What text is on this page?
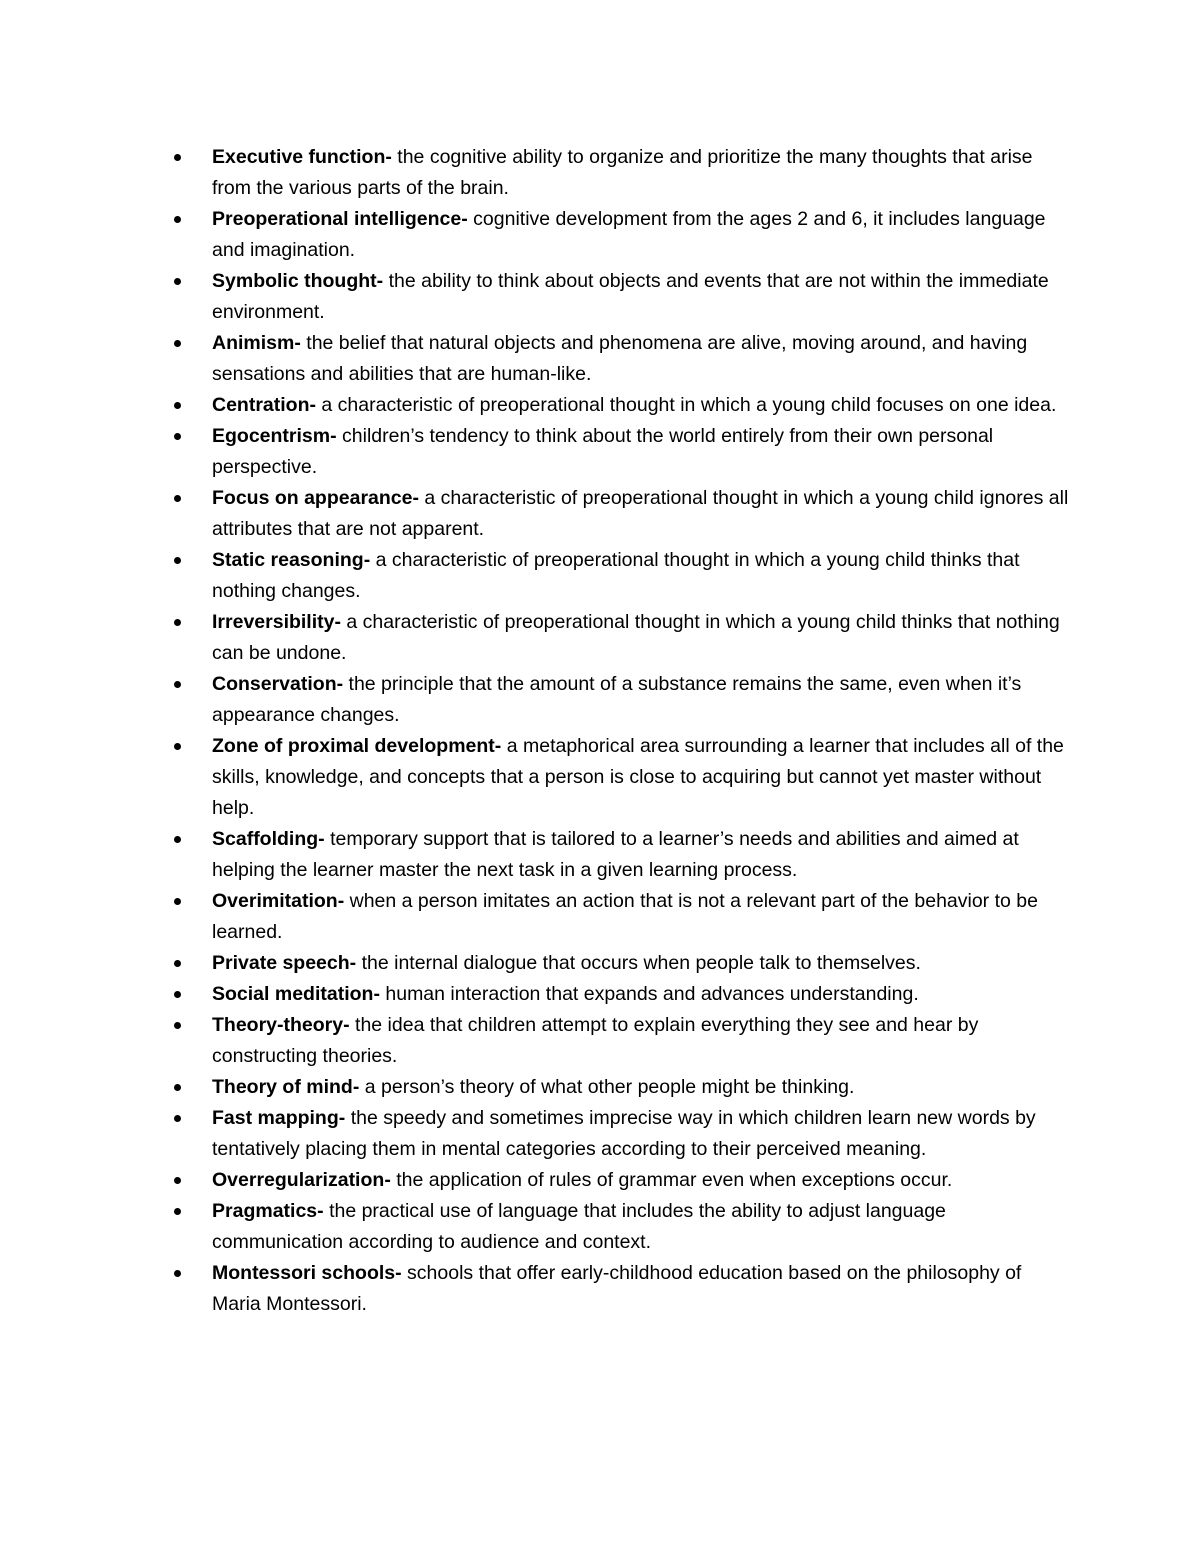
Executive function- the cognitive ability to organize and prioritize the many thoughts that arise from the various parts of the brain.
Preoperational intelligence- cognitive development from the ages 2 and 6, it includes language and imagination.
Symbolic thought- the ability to think about objects and events that are not within the immediate environment.
Animism- the belief that natural objects and phenomena are alive, moving around, and having sensations and abilities that are human-like.
Centration- a characteristic of preoperational thought in which a young child focuses on one idea.
Egocentrism- children’s tendency to think about the world entirely from their own personal perspective.
Focus on appearance- a characteristic of preoperational thought in which a young child ignores all attributes that are not apparent.
Static reasoning- a characteristic of preoperational thought in which a young child thinks that nothing changes.
Irreversibility- a characteristic of preoperational thought in which a young child thinks that nothing can be undone.
Conservation- the principle that the amount of a substance remains the same, even when it’s appearance changes.
Zone of proximal development- a metaphorical area surrounding a learner that includes all of the skills, knowledge, and concepts that a person is close to acquiring but cannot yet master without help.
Scaffolding- temporary support that is tailored to a learner’s needs and abilities and aimed at helping the learner master the next task in a given learning process.
Overimitation- when a person imitates an action that is not a relevant part of the behavior to be learned.
Private speech- the internal dialogue that occurs when people talk to themselves.
Social meditation- human interaction that expands and advances understanding.
Theory-theory- the idea that children attempt to explain everything they see and hear by constructing theories.
Theory of mind- a person’s theory of what other people might be thinking.
Fast mapping- the speedy and sometimes imprecise way in which children learn new words by tentatively placing them in mental categories according to their perceived meaning.
Overregularization- the application of rules of grammar even when exceptions occur.
Pragmatics- the practical use of language that includes the ability to adjust language communication according to audience and context.
Montessori schools- schools that offer early-childhood education based on the philosophy of Maria Montessori.
